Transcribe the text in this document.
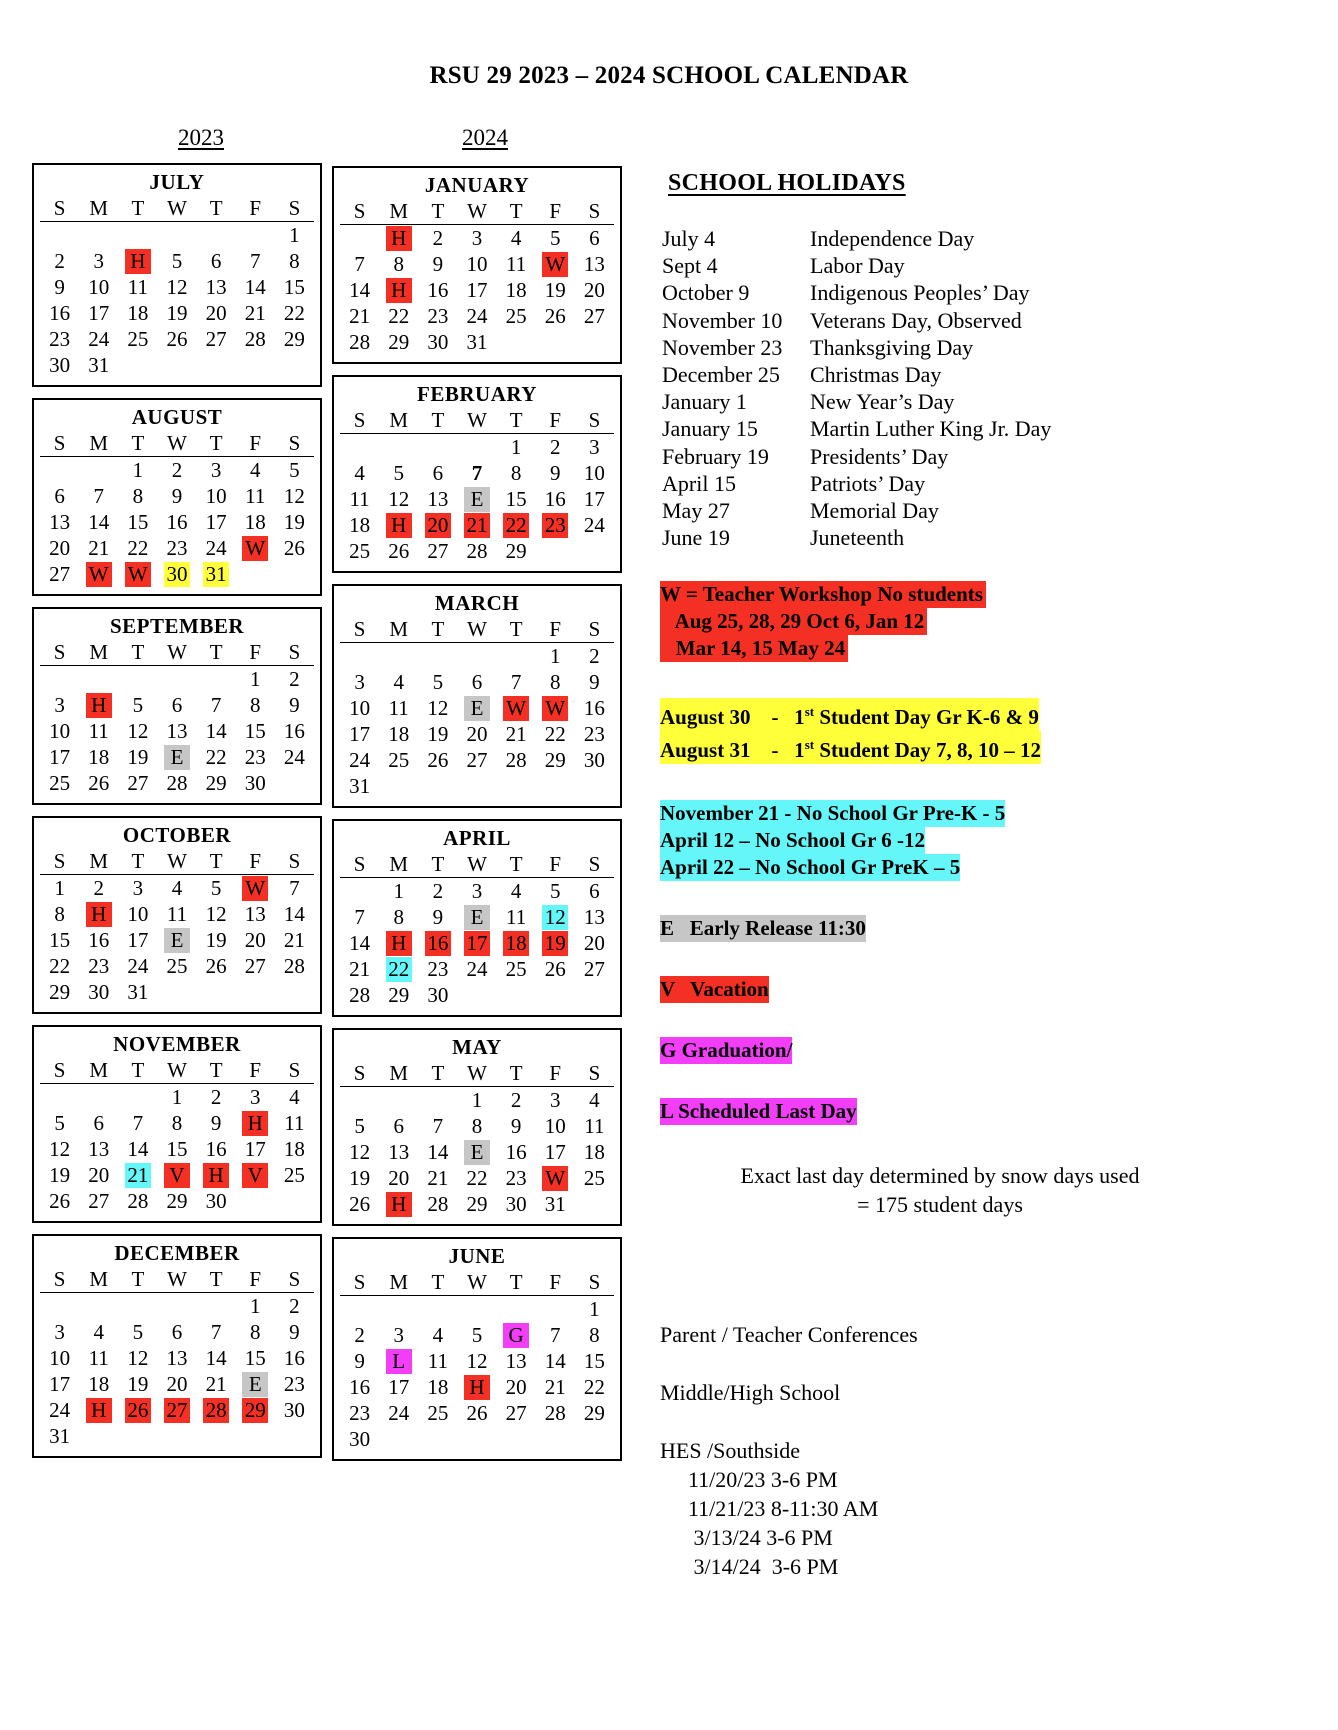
RSU 29 2023 – 2024 SCHOOL CALENDAR
2023	2024
JULY
S	M	T	W	T	F	S
						1
2	3	H	5	6	7	8
9	10	11	12	13	14	15
16	17	18	19	20	21	22
23	24	25	26	27	28	29
30	31					
AUGUST
S	M	T	W	T	F	S
		1	2	3	4	5
6	7	8	9	10	11	12
13	14	15	16	17	18	19
20	21	22	23	24	W	26
27	W	W	30	31		
SEPTEMBER
S	M	T	W	T	F	S
					1	2
3	H	5	6	7	8	9
10	11	12	13	14	15	16
17	18	19	E	22	23	24
25	26	27	28	29	30	
OCTOBER
S	M	T	W	T	F	S
1	2	3	4	5	W	7
8	H	10	11	12	13	14
15	16	17	E	19	20	21
22	23	24	25	26	27	28
29	30	31				
NOVEMBER
S	M	T	W	T	F	S
			1	2	3	4
5	6	7	8	9	H	11
12	13	14	15	16	17	18
19	20	21	V	H	V	25
26	27	28	29	30		
DECEMBER
S	M	T	W	T	F	S
					1	2
3	4	5	6	7	8	9
10	11	12	13	14	15	16
17	18	19	20	21	E	23
24	H	26	27	28	29	30
31						
JANUARY
S	M	T	W	T	F	S
	H	2	3	4	5	6
7	8	9	10	11	W	13
14	H	16	17	18	19	20
21	22	23	24	25	26	27
28	29	30	31			
FEBRUARY
S	M	T	W	T	F	S
				1	2	3
4	5	6	7	8	9	10
11	12	13	E	15	16	17
18	H	20	21	22	23	24
25	26	27	28	29		
MARCH
S	M	T	W	T	F	S
					1	2
3	4	5	6	7	8	9
10	11	12	E	W	W	16
17	18	19	20	21	22	23
24	25	26	27	28	29	30
31						
APRIL
S	M	T	W	T	F	S
	1	2	3	4	5	6
7	8	9	E	11	12	13
14	H	16	17	18	19	20
21	22	23	24	25	26	27
28	29	30				
MAY
S	M	T	W	T	F	S
			1	2	3	4
5	6	7	8	9	10	11
12	13	14	E	16	17	18
19	20	21	22	23	W	25
26	H	28	29	30	31	
JUNE
S	M	T	W	T	F	S
						1
2	3	4	5	G	7	8
9	L	11	12	13	14	15
16	17	18	H	20	21	22
23	24	25	26	27	28	29
30						
SCHOOL HOLIDAYS
July 4	Independence Day
Sept 4	Labor Day
October 9	Indigenous Peoples’ Day
November 10	Veterans Day, Observed
November 23	Thanksgiving Day
December 25	Christmas Day
January 1	New Year’s Day
January 15	Martin Luther King Jr. Day
February 19	Presidents’ Day
April 15	Patriots’ Day
May 27	Memorial Day
June 19	Juneteenth
W = Teacher Workshop No students
Aug 25, 28, 29 Oct 6, Jan 12
Mar 14, 15 May 24
August 30    -   1st Student Day Gr K-6 & 9
August 31    -   1st Student Day 7, 8, 10 – 12
November 21 - No School Gr Pre-K - 5
April 12 – No School Gr 6 -12
April 22 – No School Gr PreK – 5
E   Early Release 11:30
V   Vacation
G Graduation/
L Scheduled Last Day
Exact last day determined by snow days used
= 175 student days
Parent / Teacher Conferences
Middle/High School
HES /Southside
11/20/23 3-6 PM
11/21/23 8-11:30 AM
3/13/24 3-6 PM
3/14/24  3-6 PM
